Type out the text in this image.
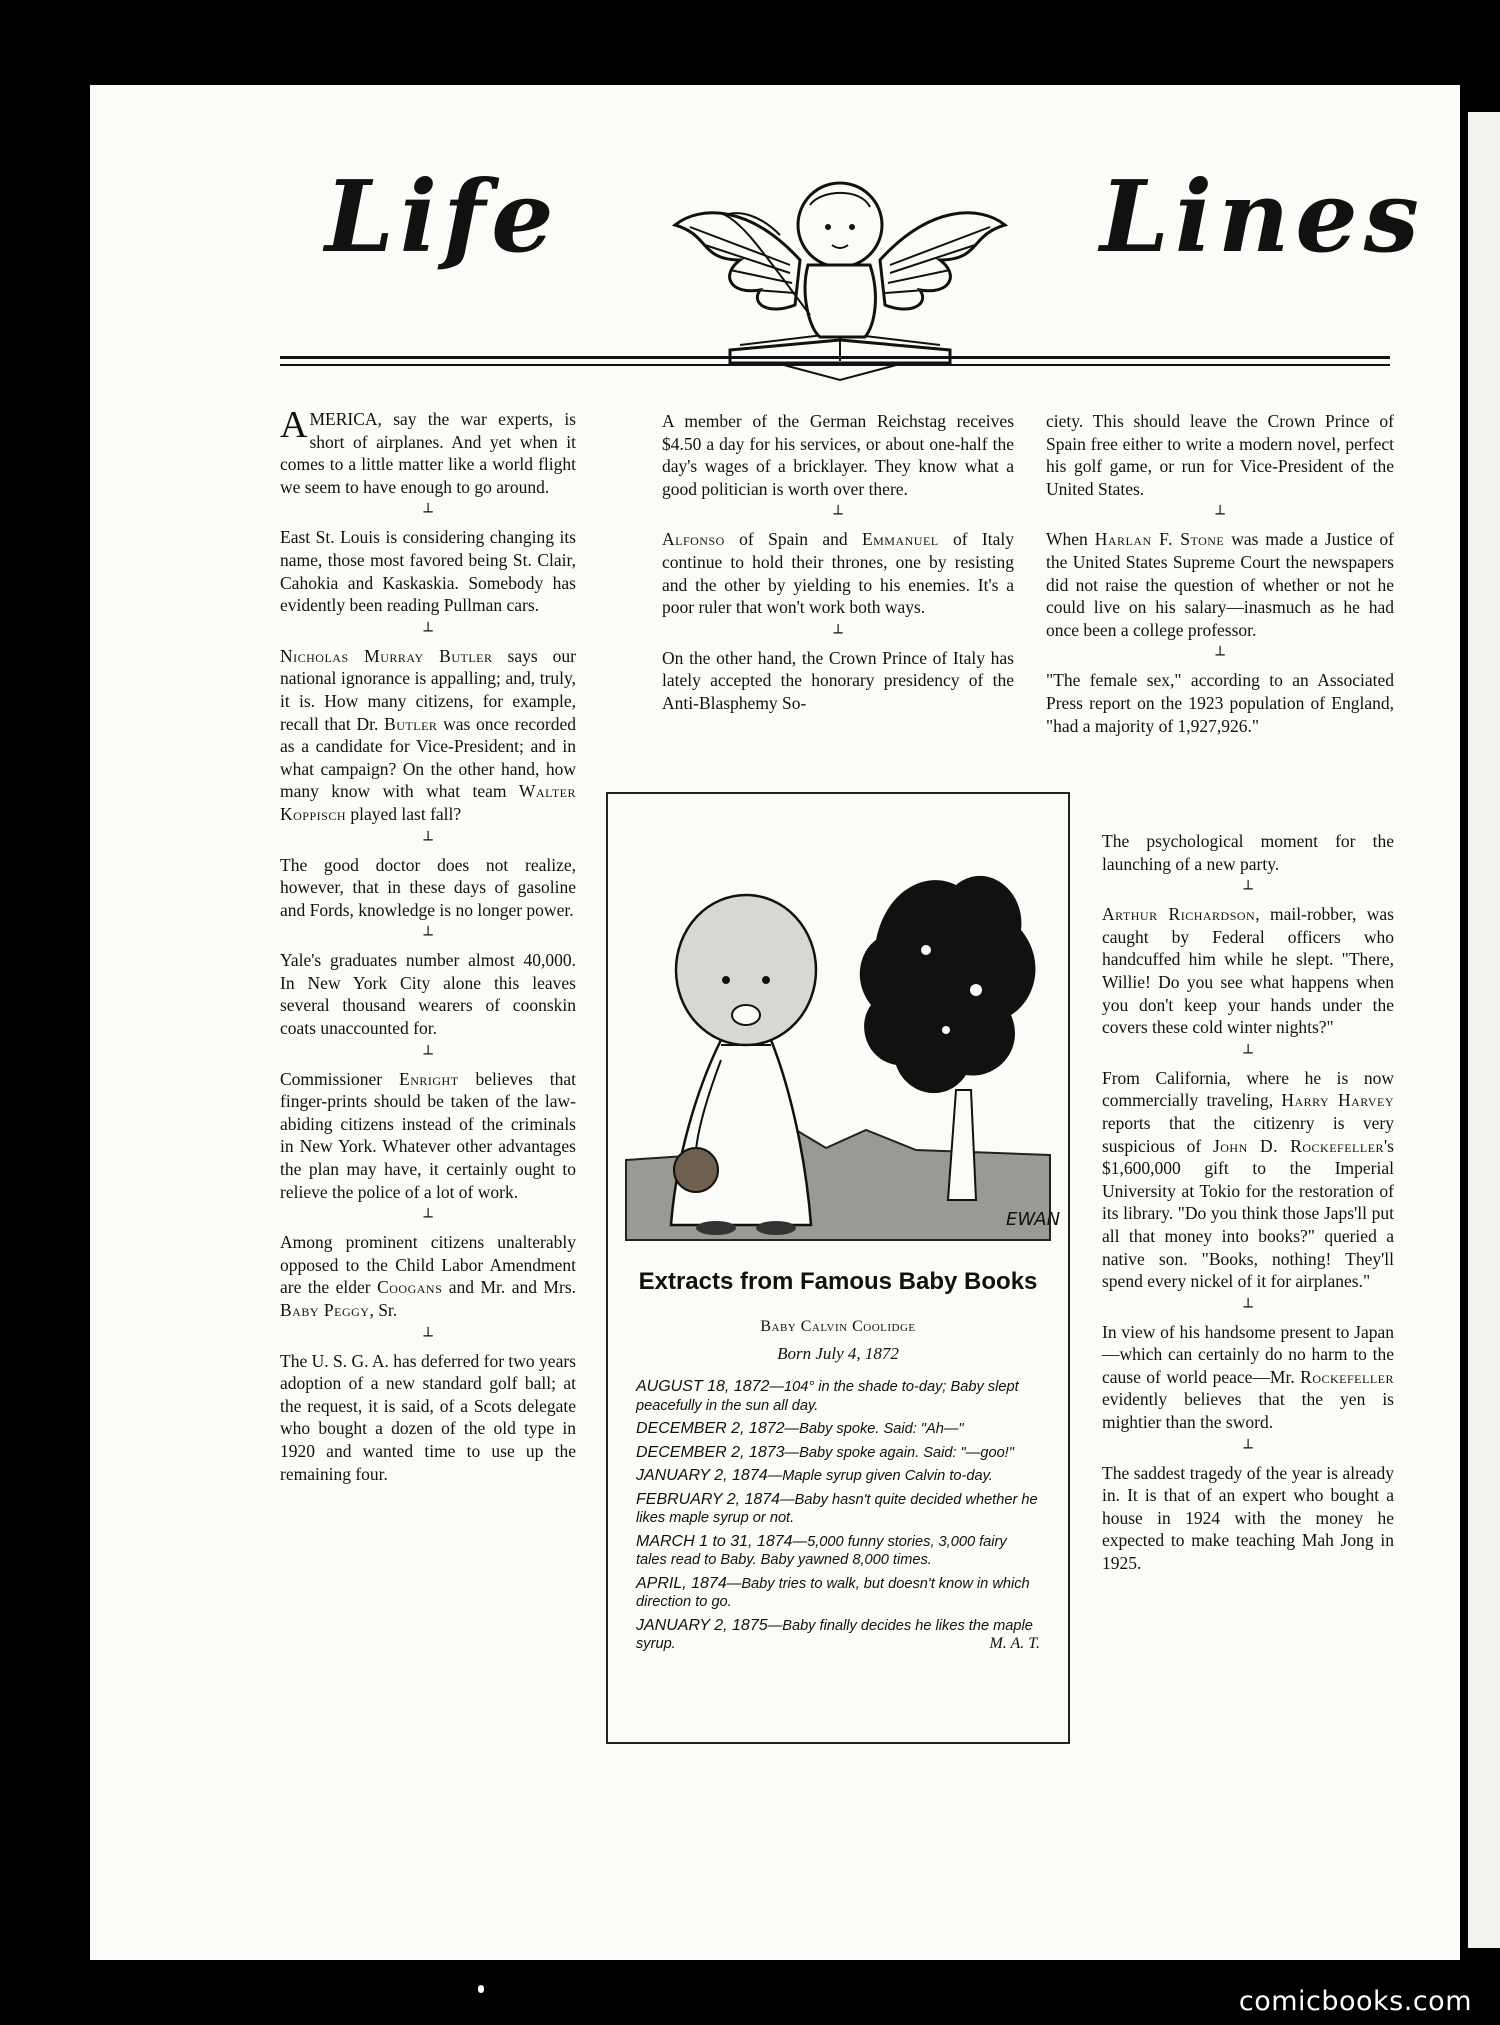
Life	Lines

AMERICA, say the war experts, is short of airplanes. And yet when it comes to a little matter like a world flight we seem to have enough to go around.

┴

East St. Louis is considering changing its name, those most favored being St. Clair, Cahokia and Kaskaskia. Somebody has evidently been reading Pullman cars.

┴

Nicholas Murray Butler says our national ignorance is appalling; and, truly, it is. How many citizens, for example, recall that Dr. Butler was once recorded as a candidate for Vice-President; and in what campaign? On the other hand, how many know with what team Walter Koppisch played last fall?

┴

The good doctor does not realize, however, that in these days of gasoline and Fords, knowledge is no longer power.

┴

Yale's graduates number almost 40,000. In New York City alone this leaves several thousand wearers of coonskin coats unaccounted for.

┴

Commissioner Enright believes that finger-prints should be taken of the law-abiding citizens instead of the criminals in New York. Whatever other advantages the plan may have, it certainly ought to relieve the police of a lot of work.

┴

Among prominent citizens unalterably opposed to the Child Labor Amendment are the elder Coogans and Mr. and Mrs. Baby Peggy, Sr.

┴

The U. S. G. A. has deferred for two years adoption of a new standard golf ball; at the request, it is said, of a Scots delegate who bought a dozen of the old type in 1920 and wanted time to use up the remaining four.

A member of the German Reichstag receives $4.50 a day for his services, or about one-half the day's wages of a bricklayer. They know what a good politician is worth over there.

┴

Alfonso of Spain and Emmanuel of Italy continue to hold their thrones, one by resisting and the other by yielding to his enemies. It's a poor ruler that won't work both ways.

┴

On the other hand, the Crown Prince of Italy has lately accepted the honorary presidency of the Anti-Blasphemy So-

ciety. This should leave the Crown Prince of Spain free either to write a modern novel, perfect his golf game, or run for Vice-President of the United States.

┴

When Harlan F. Stone was made a Justice of the United States Supreme Court the newspapers did not raise the question of whether or not he could live on his salary—inasmuch as he had once been a college professor.

┴

"The female sex," according to an Associated Press report on the 1923 population of England, "had a majority of 1,927,926."

The psychological moment for the launching of a new party.

┴

Arthur Richardson, mail-robber, was caught by Federal officers who handcuffed him while he slept. "There, Willie! Do you see what happens when you don't keep your hands under the covers these cold winter nights?"

┴

From California, where he is now commercially traveling, Harry Harvey reports that the citizenry is very suspicious of John D. Rockefeller's $1,600,000 gift to the Imperial University at Tokio for the restoration of its library. "Do you think those Japs'll put all that money into books?" queried a native son. "Books, nothing! They'll spend every nickel of it for airplanes."

┴

In view of his handsome present to Japan—which can certainly do no harm to the cause of world peace—Mr. Rockefeller evidently believes that the yen is mightier than the sword.

┴

The saddest tragedy of the year is already in. It is that of an expert who bought a house in 1924 with the money he expected to make teaching Mah Jong in 1925.

EWAN
Extracts from Famous Baby Books
Baby Calvin Coolidge
Born July 4, 1872

AUGUST 18, 1872—104° in the shade to-day; Baby slept peacefully in the sun all day.

DECEMBER 2, 1872—Baby spoke. Said: "Ah—"

DECEMBER 2, 1873—Baby spoke again. Said: "—goo!"

JANUARY 2, 1874—Maple syrup given Calvin to-day.

FEBRUARY 2, 1874—Baby hasn't quite decided whether he likes maple syrup or not.

MARCH 1 to 31, 1874—5,000 funny stories, 3,000 fairy tales read to Baby. Baby yawned 8,000 times.

APRIL, 1874—Baby tries to walk, but doesn't know in which direction to go.

JANUARY 2, 1875—Baby finally decides he likes the maple syrup.	M. A. T.

comicbooks.com
